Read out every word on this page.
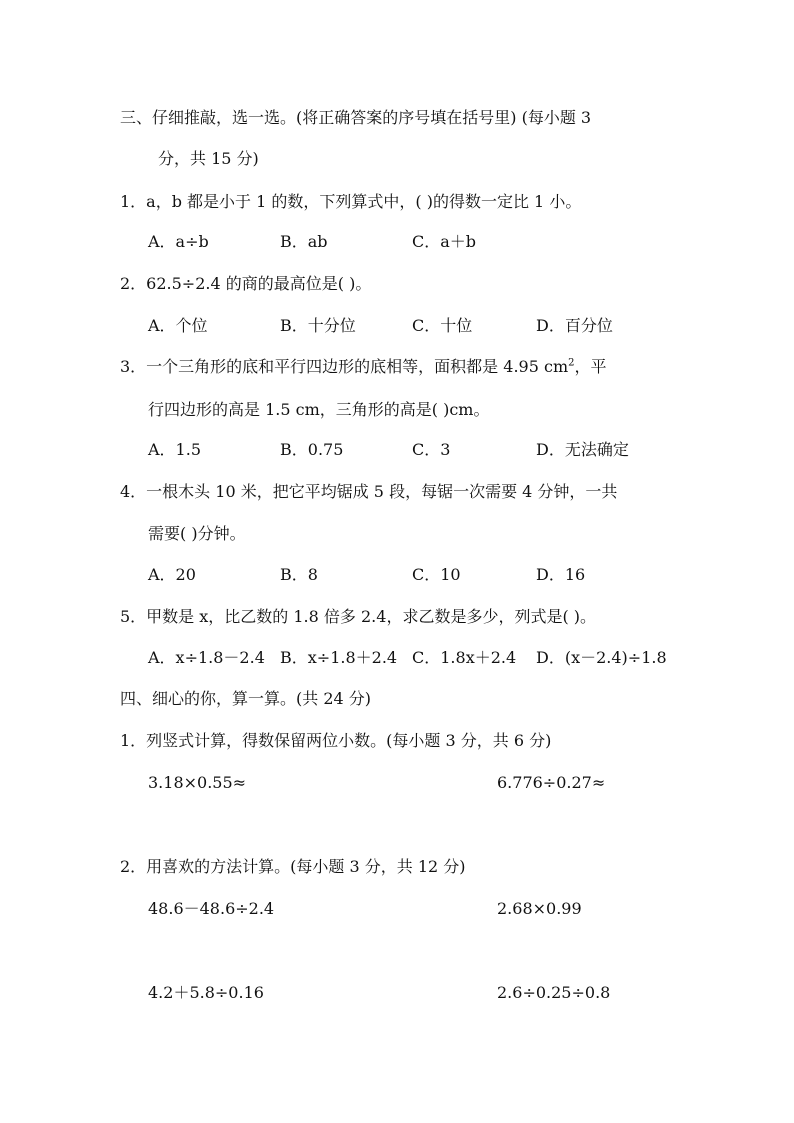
三、仔细推敲，选一选。(将正确答案的序号填在括号里) (每小题 3
分，共 15 分)
1．a，b 都是小于 1 的数，下列算式中，( )的得数一定比 1 小。
A．a÷b	B．ab	C．a＋b
2．62.5÷2.4 的商的最高位是( )。
A．个位	B．十分位	C．十位	D．百分位
3．一个三角形的底和平行四边形的底相等，面积都是 4.95 $cm^2$，平
行四边形的高是 1.5 cm，三角形的高是( )cm。
A．1.5	B．0.75	C．3	D．无法确定
4．一根木头 10 米，把它平均锯成 5 段，每锯一次需要 4 分钟，一共
需要( )分钟。
A．20	B．8	C．10	D．16
5．甲数是 x，比乙数的 1.8 倍多 2.4，求乙数是多少，列式是( )。
A．x÷1.8－2.4 B．x÷1.8＋2.4 C．1.8x＋2.4 D．(x－2.4)÷1.8
四、细心的你，算一算。(共 24 分)
1．列竖式计算，得数保留两位小数。(每小题 3 分，共 6 分)
3.18×0.55≈	6.776÷0.27≈
2．用喜欢的方法计算。(每小题 3 分，共 12 分)
48.6－48.6÷2.4	2.68×0.99
4.2＋5.8÷0.16	2.6÷0.25÷0.8
